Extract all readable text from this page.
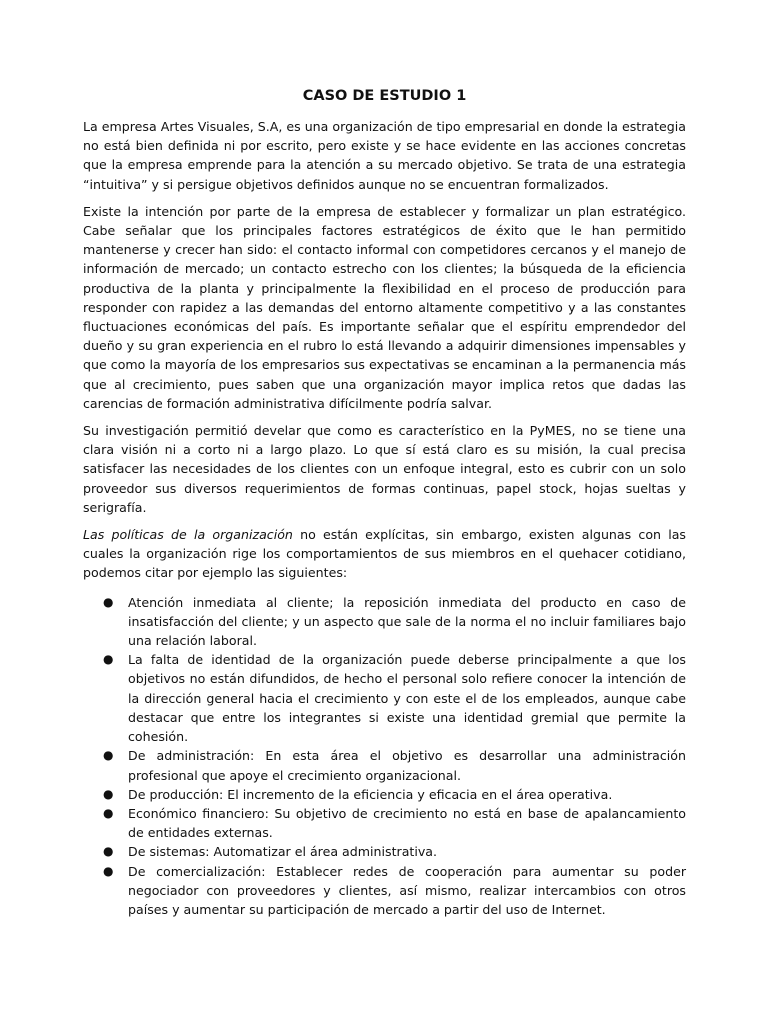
CASO DE ESTUDIO 1

La empresa Artes Visuales, S.A, es una organización de tipo empresarial en donde la estrategia no está bien definida ni por escrito, pero existe y se hace evidente en las acciones concretas que la empresa emprende para la atención a su mercado objetivo. Se trata de una estrategia “intuitiva” y si persigue objetivos definidos aunque no se encuentran formalizados.

Existe la intención por parte de la empresa de establecer y formalizar un plan estratégico. Cabe señalar que los principales factores estratégicos de éxito que le han permitido mantenerse y crecer han sido: el contacto informal con competidores cercanos y el manejo de información de mercado; un contacto estrecho con los clientes; la búsqueda de la eficiencia productiva de la planta y principalmente la flexibilidad en el proceso de producción para responder con rapidez a las demandas del entorno altamente competitivo y a las constantes fluctuaciones económicas del país. Es importante señalar que el espíritu emprendedor del dueño y su gran experiencia en el rubro lo está llevando a adquirir dimensiones impensables y que como la mayoría de los empresarios sus expectativas se encaminan a la permanencia más que al crecimiento, pues saben que una organización mayor implica retos que dadas las carencias de formación administrativa difícilmente podría salvar.

Su investigación permitió develar que como es característico en la PyMES, no se tiene una clara visión ni a corto ni a largo plazo. Lo que sí está claro es su misión, la cual precisa satisfacer las necesidades de los clientes con un enfoque integral, esto es cubrir con un solo proveedor sus diversos requerimientos de formas continuas, papel stock, hojas sueltas y serigrafía.

Las políticas de la organización no están explícitas, sin embargo, existen algunas con las cuales la organización rige los comportamientos de sus miembros en el quehacer cotidiano, podemos citar por ejemplo las siguientes:

● Atención inmediata al cliente; la reposición inmediata del producto en caso de insatisfacción del cliente; y un aspecto que sale de la norma el no incluir familiares bajo una relación laboral.
● La falta de identidad de la organización puede deberse principalmente a que los objetivos no están difundidos, de hecho el personal solo refiere conocer la intención de la dirección general hacia el crecimiento y con este el de los empleados, aunque cabe destacar que entre los integrantes si existe una identidad gremial que permite la cohesión.
● De administración: En esta área el objetivo es desarrollar una administración profesional que apoye el crecimiento organizacional.
● De producción: El incremento de la eficiencia y eficacia en el área operativa.
● Económico financiero: Su objetivo de crecimiento no está en base de apalancamiento de entidades externas.
● De sistemas: Automatizar el área administrativa.
● De comercialización: Establecer redes de cooperación para aumentar su poder negociador con proveedores y clientes, así mismo, realizar intercambios con otros países y aumentar su participación de mercado a partir del uso de Internet.
